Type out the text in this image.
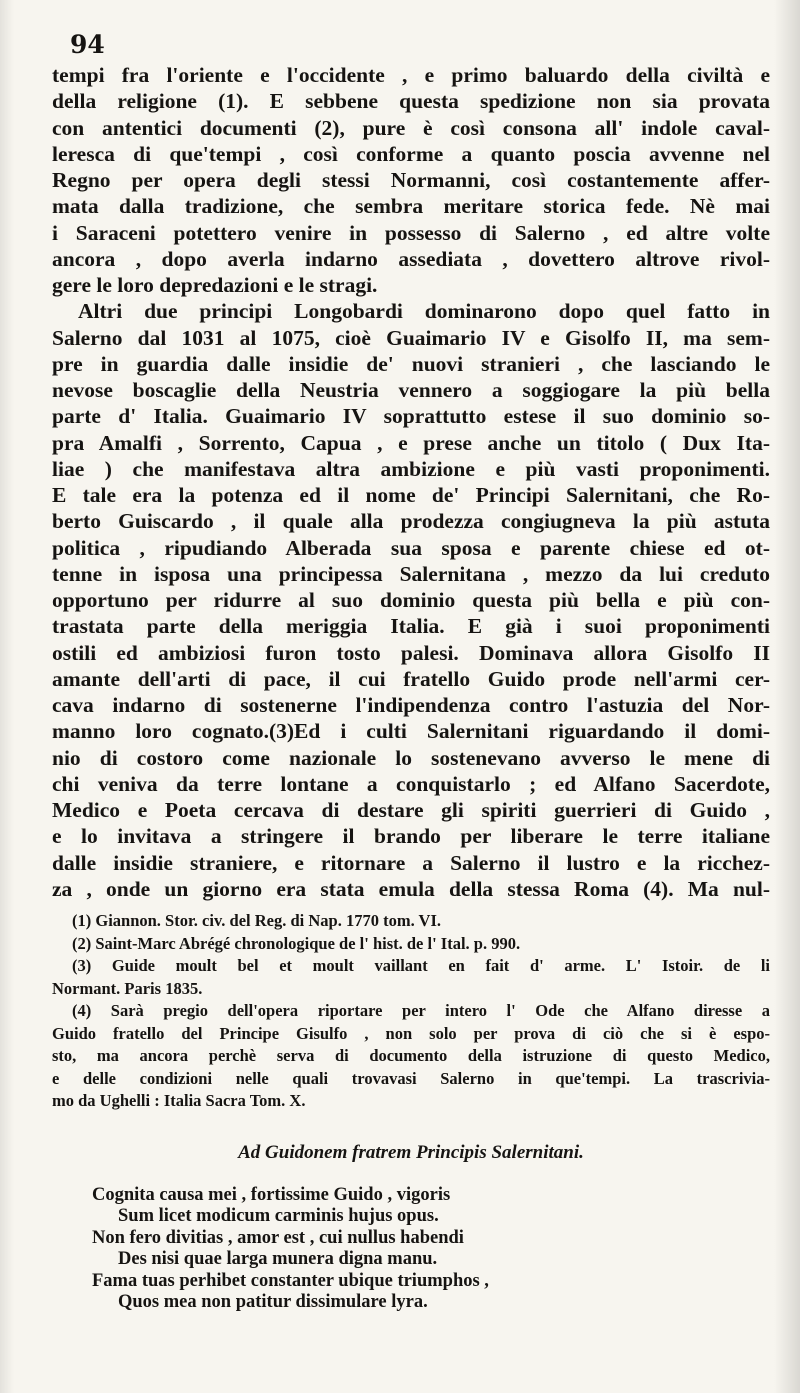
94
tempi fra l'oriente e l'occidente , e primo baluardo della civiltà e
della religione (1). E sebbene questa spedizione non sia provata
con antentici documenti (2), pure è così consona all' indole caval-
leresca di que'tempi , così conforme a quanto poscia avvenne nel
Regno per opera degli stessi Normanni, così costantemente affer-
mata dalla tradizione, che sembra meritare storica fede. Nè mai
i Saraceni potettero venire in possesso di Salerno , ed altre volte
ancora , dopo averla indarno assediata , dovettero altrove rivol-
gere le loro depredazioni e le stragi.
Altri due principi Longobardi dominarono dopo quel fatto in
Salerno dal 1031 al 1075, cioè Guaimario IV e Gisolfo II, ma sem-
pre in guardia dalle insidie de' nuovi stranieri , che lasciando le
nevose boscaglie della Neustria vennero a soggiogare la più bella
parte d' Italia. Guaimario IV soprattutto estese il suo dominio so-
pra Amalfi , Sorrento, Capua , e prese anche un titolo ( Dux Ita-
liae ) che manifestava altra ambizione e più vasti proponimenti.
E tale era la potenza ed il nome de' Principi Salernitani, che Ro-
berto Guiscardo , il quale alla prodezza congiugneva la più astuta
politica , ripudiando Alberada sua sposa e parente chiese ed ot-
tenne in isposa una principessa Salernitana , mezzo da lui creduto
opportuno per ridurre al suo dominio questa più bella e più con-
trastata parte della meriggia Italia. E già i suoi proponimenti
ostili ed ambiziosi furon tosto palesi. Dominava allora Gisolfo II
amante dell'arti di pace, il cui fratello Guido prode nell'armi cer-
cava indarno di sostenerne l'indipendenza contro l'astuzia del Nor-
manno loro cognato.(3)Ed i culti Salernitani riguardando il domi-
nio di costoro come nazionale lo sostenevano avverso le mene di
chi veniva da terre lontane a conquistarlo ; ed Alfano Sacerdote,
Medico e Poeta cercava di destare gli spiriti guerrieri di Guido ,
e lo invitava a stringere il brando per liberare le terre italiane
dalle insidie straniere, e ritornare a Salerno il lustro e la ricchez-
za , onde un giorno era stata emula della stessa Roma (4). Ma nul-
(1) Giannon. Stor. civ. del Reg. di Nap. 1770 tom. VI.
(2) Saint-Marc Abrégé chronologique de l' hist. de l' Ital. p. 990.
(3) Guide moult bel et moult vaillant en fait d' arme. L' Istoir. de li
Normant. Paris 1835.
(4) Sarà pregio dell'opera riportare per intero l' Ode che Alfano diresse a
Guido fratello del Principe Gisulfo , non solo per prova di ciò che si è espo-
sto, ma ancora perchè serva di documento della istruzione di questo Medico,
e delle condizioni nelle quali trovavasi Salerno in que'tempi. La trascrivia-
mo da Ughelli : Italia Sacra Tom. X.
Ad Guidonem fratrem Principis Salernitani.
Cognita causa mei , fortissime Guido , vigoris
Sum licet modicum carminis hujus opus.
Non fero divitias , amor est , cui nullus habendi
Des nisi quae larga munera digna manu.
Fama tuas perhibet constanter ubique triumphos ,
Quos mea non patitur dissimulare lyra.
